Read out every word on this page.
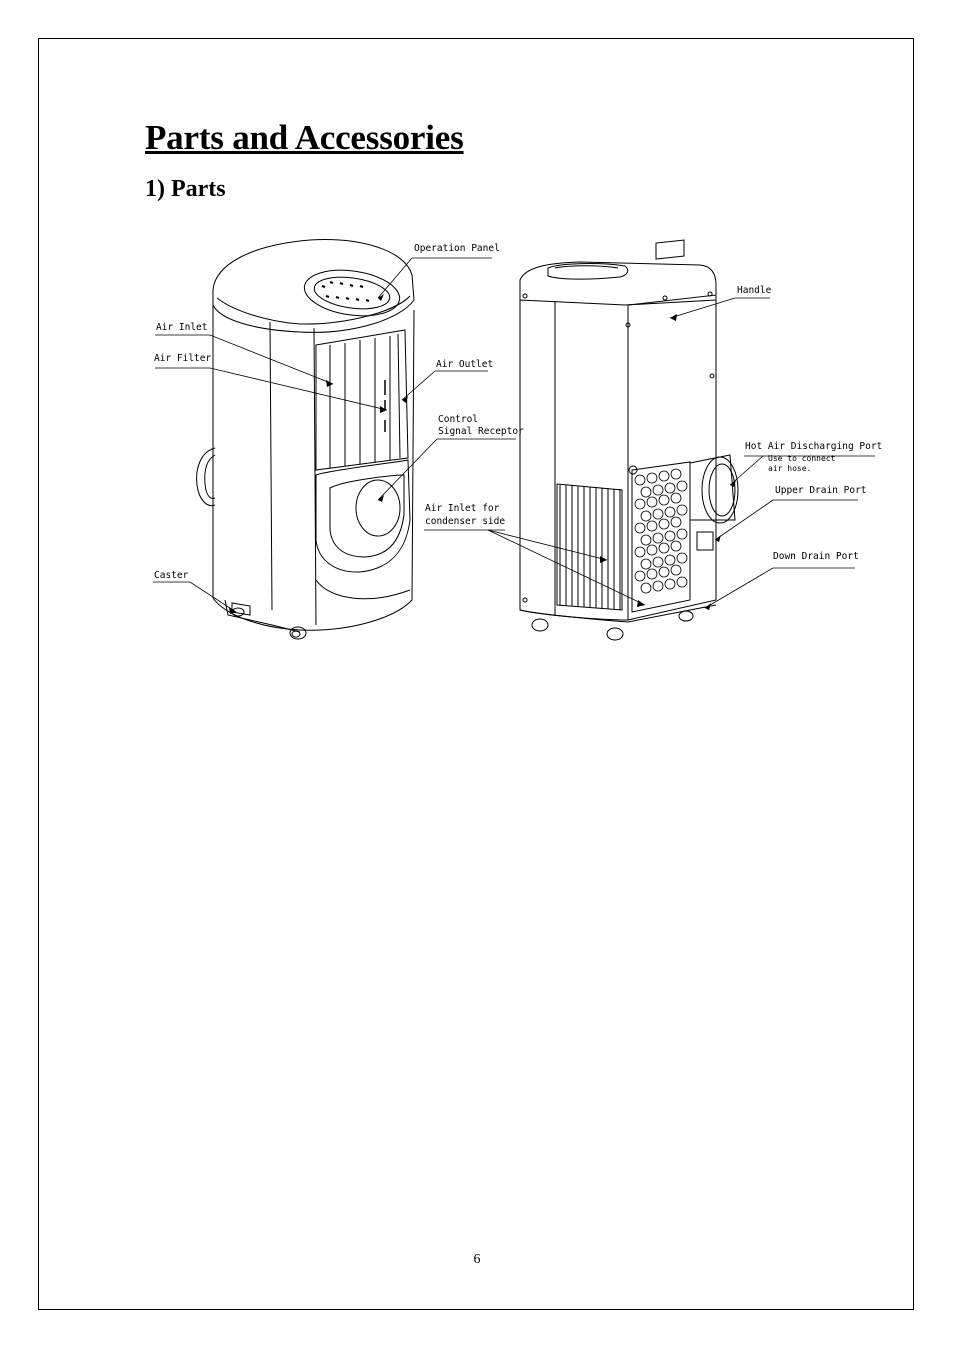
Parts and Accessories
1) Parts
Operation Panel
Air Inlet
Air Filter
Air Outlet
Control
Signal Receptor
Air Inlet for
condenser side
Caster
Handle
Hot Air Discharging Port
Use to connect
air hose.
Upper Drain Port
Down Drain Port
6
